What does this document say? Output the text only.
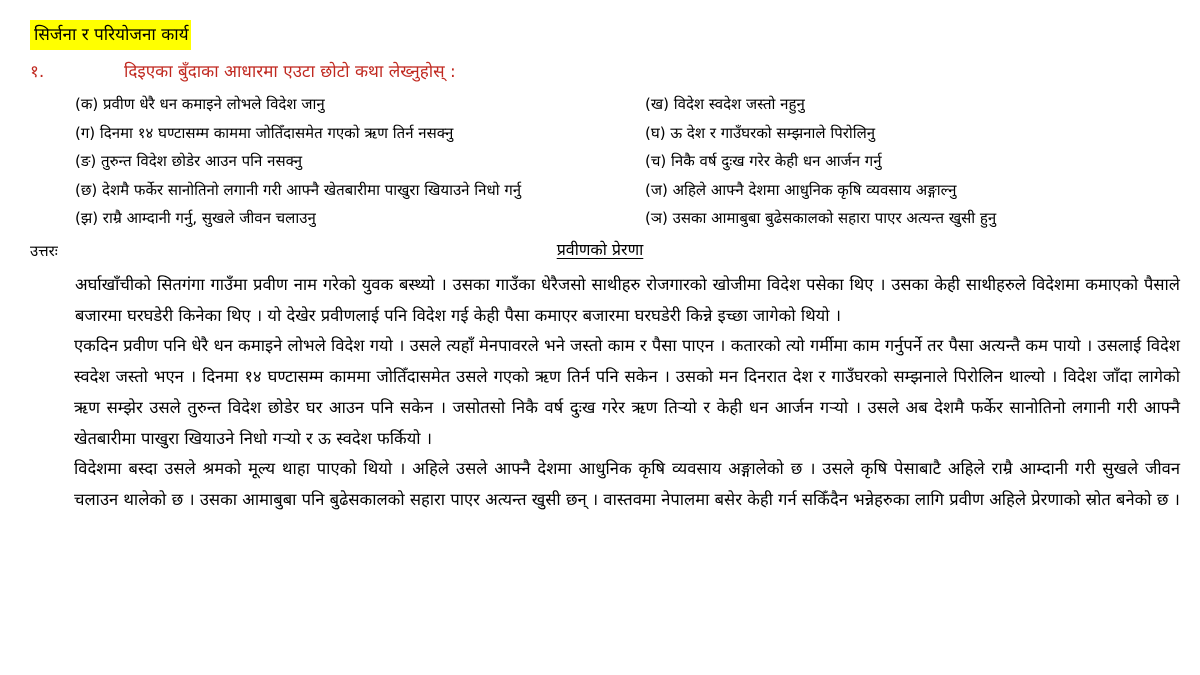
सिर्जना र परियोजना कार्य
१.	दिइएका बुँदाका आधारमा एउटा छोटो कथा लेख्नुहोस् :
(क) प्रवीण धेरै धन कमाइने लोभले विदेश जानु	(ख) विदेश स्वदेश जस्तो नहुनु
(ग) दिनमा १४ घण्टासम्म काममा जोतिँदासमेत गएको ऋण तिर्न नसक्नु	(घ) ऊ देश र गाउँघरको सम्झनाले पिरोलिनु
(ङ) तुरुन्त विदेश छोडेर आउन पनि नसक्नु	(च) निकै वर्ष दुःख गरेर केही धन आर्जन गर्नु
(छ) देशमै फर्केर सानोतिनो लगानी गरी आफ्नै खेतबारीमा पाखुरा खियाउने निधो गर्नु	(ज) अहिले आफ्नै देशमा आधुनिक कृषि व्यवसाय अङ्गाल्नु
(झ) राम्रै आम्दानी गर्नु, सुखले जीवन चलाउनु	(ञ) उसका आमाबुबा बुढेसकालको सहारा पाएर अत्यन्त खुसी हुनु
उत्तरः	प्रवीणको प्रेरणा

अर्घाखाँचीको सितगंगा गाउँमा प्रवीण नाम गरेको युवक बस्थ्यो । उसका गाउँका धेरैजसो साथीहरु रोजगारको खोजीमा विदेश पसेका थिए । उसका केही साथीहरुले विदेशमा कमाएको पैसाले बजारमा घरघडेरी किनेका थिए । यो देखेर प्रवीणलाई पनि विदेश गई केही पैसा कमाएर बजारमा घरघडेरी किन्ने इच्छा जागेको थियो ।

एकदिन प्रवीण पनि धेरै धन कमाइने लोभले विदेश गयो । उसले त्यहाँ मेनपावरले भने जस्तो काम र पैसा पाएन । कतारको त्यो गर्मीमा काम गर्नुपर्ने तर पैसा अत्यन्तै कम पायो । उसलाई विदेश स्वदेश जस्तो भएन । दिनमा १४ घण्टासम्म काममा जोतिँदासमेत उसले गएको ऋण तिर्न पनि सकेन । उसको मन दिनरात देश र गाउँघरको सम्झनाले पिरोलिन थाल्यो । विदेश जाँदा लागेको ऋण सम्झेर उसले तुरुन्त विदेश छोडेर घर आउन पनि सकेन । जसोतसो निकै वर्ष दुःख गरेर ऋण तिर्‍यो र केही धन आर्जन गर्‍यो । उसले अब देशमै फर्केर सानोतिनो लगानी गरी आफ्नै खेतबारीमा पाखुरा खियाउने निधो गर्‍यो र ऊ स्वदेश फर्कियो ।

विदेशमा बस्दा उसले श्रमको मूल्य थाहा पाएको थियो । अहिले उसले आफ्नै देशमा आधुनिक कृषि व्यवसाय अङ्गालेको छ । उसले कृषि पेसाबाटै अहिले राम्रै आम्दानी गरी सुखले जीवन चलाउन थालेको छ । उसका आमाबुबा पनि बुढेसकालको सहारा पाएर अत्यन्त खुसी छन् । वास्तवमा नेपालमा बसेर केही गर्न सकिँदैन भन्नेहरुका लागि प्रवीण अहिले प्रेरणाको स्रोत बनेको छ ।
